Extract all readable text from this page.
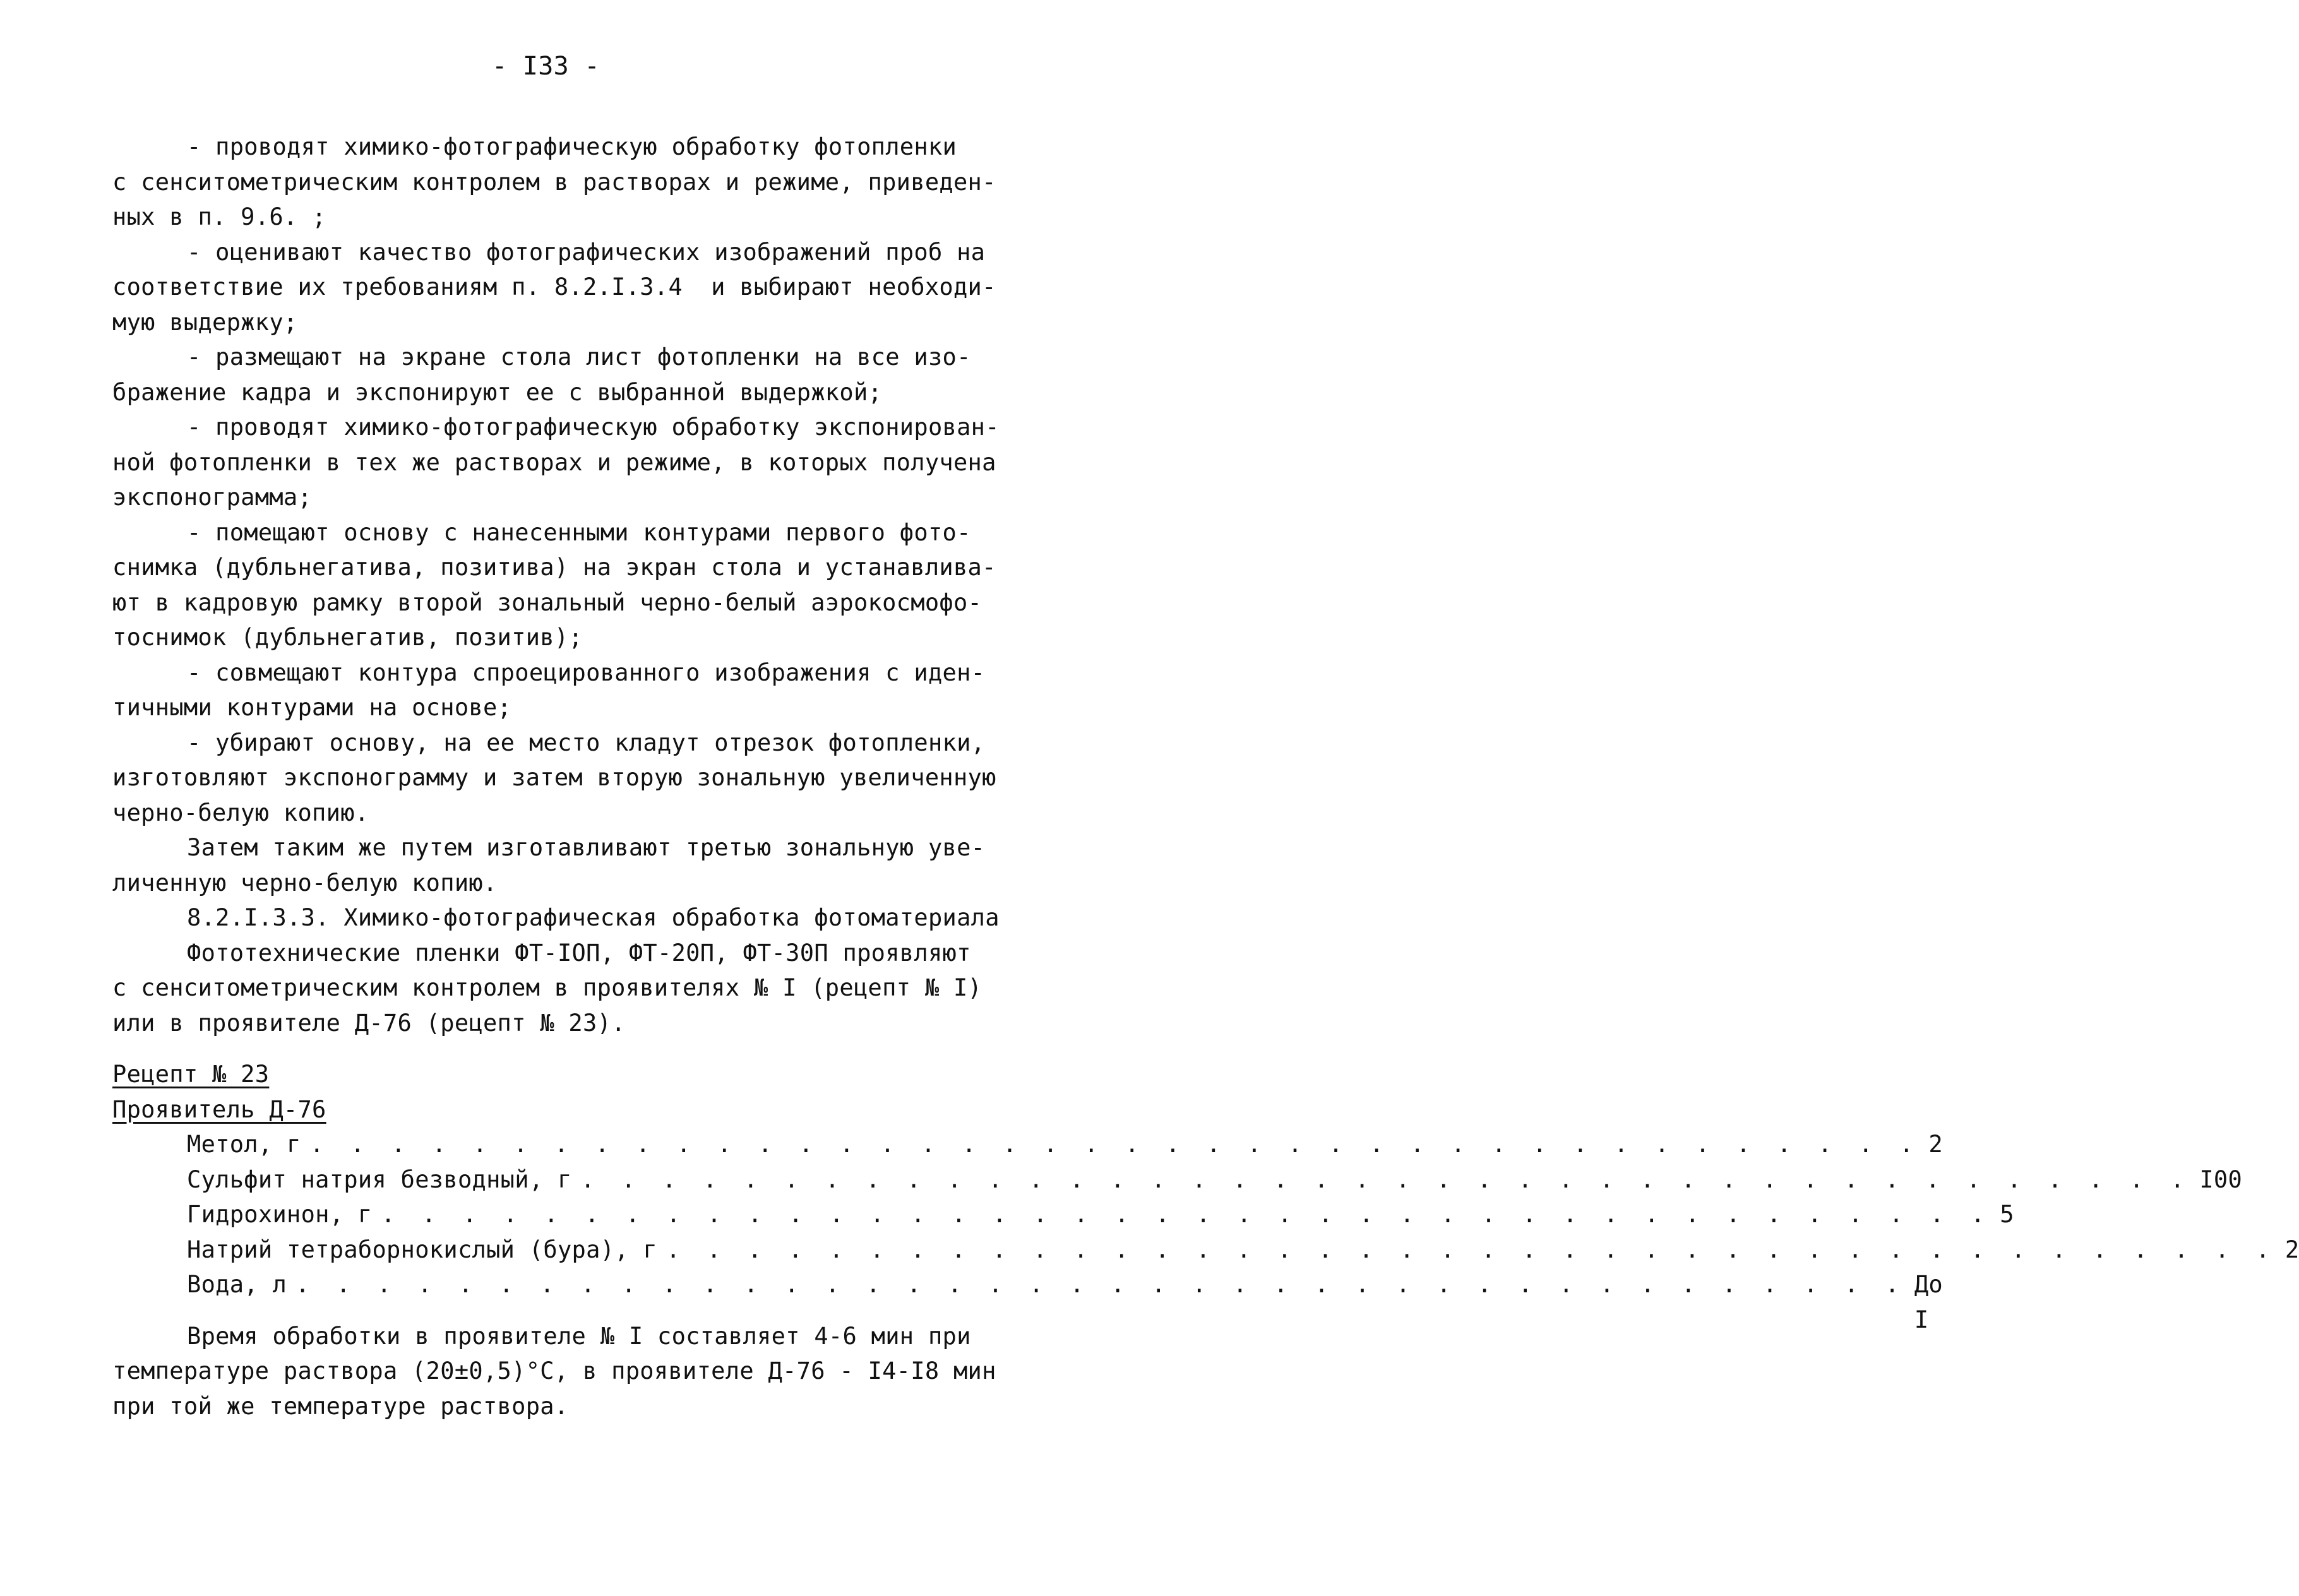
- I33 -
- проводят химико-фотографическую обработку фотопленки
с сенситометрическим контролем в растворах и режиме, приведен-
ных в п. 9.6. ;
- оценивают качество фотографических изображений проб на
соответствие их требованиям п. 8.2.I.3.4  и выбирают необходи-
мую выдержку;
- размещают на экране стола лист фотопленки на все изо-
бражение кадра и экспонируют ее с выбранной выдержкой;
- проводят химико-фотографическую обработку экспонирован-
ной фотопленки в тех же растворах и режиме, в которых получена
экспонограмма;
- помещают основу с нанесенными контурами первого фото-
снимка (дубльнегатива, позитива) на экран стола и устанавлива-
ют в кадровую рамку второй зональный черно-белый аэрокосмофо-
тоснимок (дубльнегатив, позитив);
- совмещают контура спроецированного изображения с иден-
тичными контурами на основе;
- убирают основу, на ее место кладут отрезок фотопленки,
изготовляют экспонограмму и затем вторую зональную увеличенную
черно-белую копию.
Затем таким же путем изготавливают третью зональную уве-
личенную черно-белую копию.
8.2.I.3.3. Химико-фотографическая обработка фотоматериала
Фототехнические пленки ФТ-IOП, ФТ-20П, ФТ-30П проявляют
с сенситометрическим контролем в проявителях № I (рецепт № I)
или в проявителе Д-76 (рецепт № 23).
Рецепт № 23
Проявитель Д-76
Метол, г . . . . . . . . . . . . . . . . . . . . . . . . . . . . . . . . . . . . . . . . 2
Сульфит натрия безводный, г . . . . . . . . . . . . . . . . . . . . . . . . . . . . . . . . . . . . . . . . I00
Гидрохинон, г . . . . . . . . . . . . . . . . . . . . . . . . . . . . . . . . . . . . . . . . 5
Натрий тетраборнокислый (бура), г . . . . . . . . . . . . . . . . . . . . . . . . . . . . . . . . . . . . . . . . 2
Вода, л . . . . . . . . . . . . . . . . . . . . . . . . . . . . . . . . . . . . . . . . До I
Время обработки в проявителе № I составляет 4-6 мин при
температуре раствора (20±0,5)°С, в проявителе Д-76 - I4-I8 мин
при той же температуре раствора.
